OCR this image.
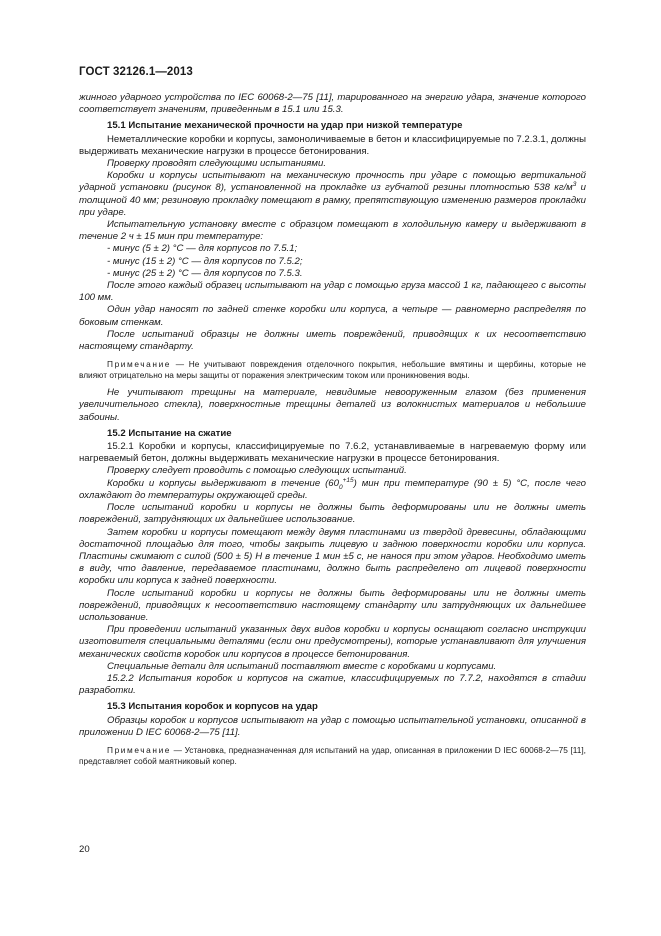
ГОСТ 32126.1—2013

жинного ударного устройства по IEC 60068-2—75 [11], тарированного на энергию удара, значение которого соответствует значениям, приведенным в 15.1 или 15.3.

15.1 Испытание механической прочности на удар при низкой температуре

Неметаллические коробки и корпусы, замоноличиваемые в бетон и классифицируемые по 7.2.3.1, должны выдерживать механические нагрузки в процессе бетонирования.

Проверку проводят следующими испытаниями.

Коробки и корпусы испытывают на механическую прочность при ударе с помощью вертикальной ударной установки (рисунок 8), установленной на прокладке из губчатой резины плотностью 538 $кг/м^3$ и толщиной 40 мм; резиновую прокладку помещают в рамку, препятствующую изменению размеров прокладки при ударе.

Испытательную установку вместе с образцом помещают в холодильную камеру и выдерживают в течение 2 ч ± 15 мин при температуре:

- минус (5 ± 2) °С — для корпусов по 7.5.1;

- минус (15 ± 2) °С — для корпусов по 7.5.2;

- минус (25 ± 2) °С — для корпусов по 7.5.3.

После этого каждый образец испытывают на удар с помощью груза массой 1 кг, падающего с высоты 100 мм.

Один удар наносят по задней стенке коробки или корпуса, а четыре — равномерно распределяя по боковым стенкам.

После испытаний образцы не должны иметь повреждений, приводящих к их несоответствию настоящему стандарту.

Примечание — Не учитывают повреждения отделочного покрытия, небольшие вмятины и щербины, которые не влияют отрицательно на меры защиты от поражения электрическим током или проникновения воды.

Не учитывают трещины на материале, невидимые невооруженным глазом (без применения увеличительного стекла), поверхностные трещины деталей из волокнистых материалов и небольшие забоины.

15.2 Испытание на сжатие

15.2.1 Коробки и корпусы, классифицируемые по 7.6.2, устанавливаемые в нагреваемую форму или нагреваемый бетон, должны выдерживать механические нагрузки в процессе бетонирования.

Проверку следует проводить с помощью следующих испытаний.

Коробки и корпусы выдерживают в течение $(60_0^{+15})$ мин при температуре (90 ± 5) °С, после чего охлаждают до температуры окружающей среды.

После испытаний коробки и корпусы не должны быть деформированы или не должны иметь повреждений, затрудняющих их дальнейшее использование.

Затем коробки и корпусы помещают между двумя пластинами из твердой древесины, обладающими достаточной площадью для того, чтобы закрыть лицевую и заднюю поверхности коробки или корпуса. Пластины сжимают с силой (500 ± 5) Н в течение 1 мин ±5 с, не нанося при этом ударов. Необходимо иметь в виду, что давление, передаваемое пластинами, должно быть распределено от лицевой поверхности коробки или корпуса к задней поверхности.

После испытаний коробки и корпусы не должны быть деформированы или не должны иметь повреждений, приводящих к несоответствию настоящему стандарту или затрудняющих их дальнейшее использование.

При проведении испытаний указанных двух видов коробки и корпусы оснащают согласно инструкции изготовителя специальными деталями (если они предусмотрены), которые устанавливают для улучшения механических свойств коробок или корпусов в процессе бетонирования.

Специальные детали для испытаний поставляют вместе с коробками и корпусами.

15.2.2 Испытания коробок и корпусов на сжатие, классифицируемых по 7.7.2, находятся в стадии разработки.

15.3 Испытания коробок и корпусов на удар

Образцы коробок и корпусов испытывают на удар с помощью испытательной установки, описанной в приложении D IEC 60068-2—75 [11].

Примечание — Установка, предназначенная для испытаний на удар, описанная в приложении D IEC 60068-2—75 [11], представляет собой маятниковый копер.

20
